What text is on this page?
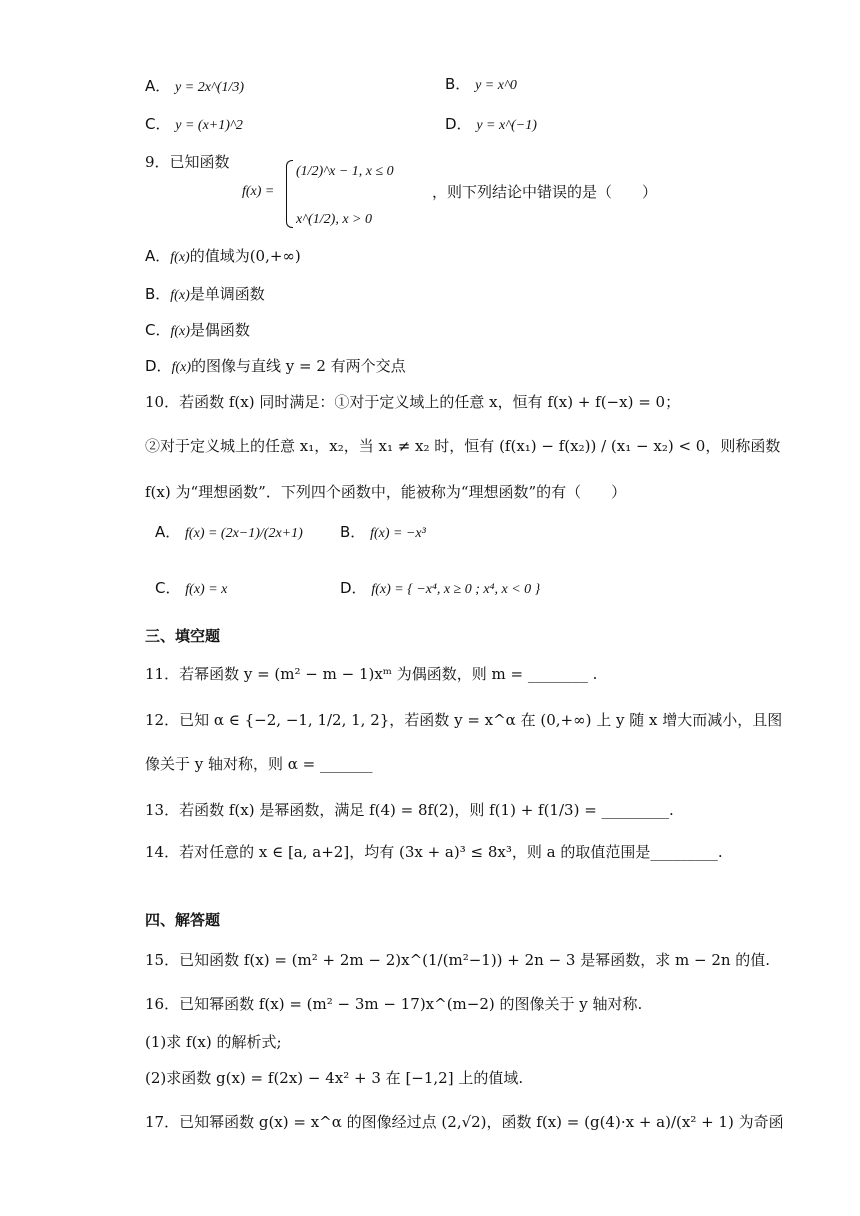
A． y = 2x^(1/3)	B． y = x^0
C． y = (x+1)^2	D． y = x^(−1)
9．已知函数
f(x) =
(1/2)^x − 1, x ≤ 0
x^(1/2), x > 0
，则下列结论中错误的是（　　）
A．f(x)的值域为(0,+∞)
B．f(x)是单调函数
C．f(x)是偶函数
D．f(x)的图像与直线 y = 2 有两个交点
10．若函数 f(x) 同时满足：①对于定义域上的任意 x，恒有 f(x) + f(−x) = 0；
②对于定义城上的任意 x₁，x₂，当 x₁ ≠ x₂ 时，恒有 (f(x₁) − f(x₂)) / (x₁ − x₂) < 0，则称函数
f(x) 为“理想函数”．下列四个函数中，能被称为“理想函数”的有（　　）
A． f(x) = (2x−1)/(2x+1) B． f(x) = −x³
C． f(x) = x	D． f(x) = { −x⁴, x ≥ 0 ; x⁴, x < 0 }
三、填空题
11．若幂函数 y = (m² − m − 1)xᵐ 为偶函数，则 m = ________ .
12．已知 α ∈ {−2, −1, 1/2, 1, 2}，若函数 y = x^α 在 (0,+∞) 上 y 随 x 增大而减小，且图
像关于 y 轴对称，则 α = _______
13．若函数 f(x) 是幂函数，满足 f(4) = 8f(2)，则 f(1) + f(1/3) = _________.
14．若对任意的 x ∈ [a, a+2]，均有 (3x + a)³ ≤ 8x³，则 a 的取值范围是_________.
四、解答题
15．已知函数 f(x) = (m² + 2m − 2)x^(1/(m²−1)) + 2n − 3 是幂函数，求 m − 2n 的值.
16．已知幂函数 f(x) = (m² − 3m − 17)x^(m−2) 的图像关于 y 轴对称.
(1)求 f(x) 的解析式;
(2)求函数 g(x) = f(2x) − 4x² + 3 在 [−1,2] 上的值域.
17．已知幂函数 g(x) = x^α 的图像经过点 (2,√2)，函数 f(x) = (g(4)·x + a)/(x² + 1) 为奇函
